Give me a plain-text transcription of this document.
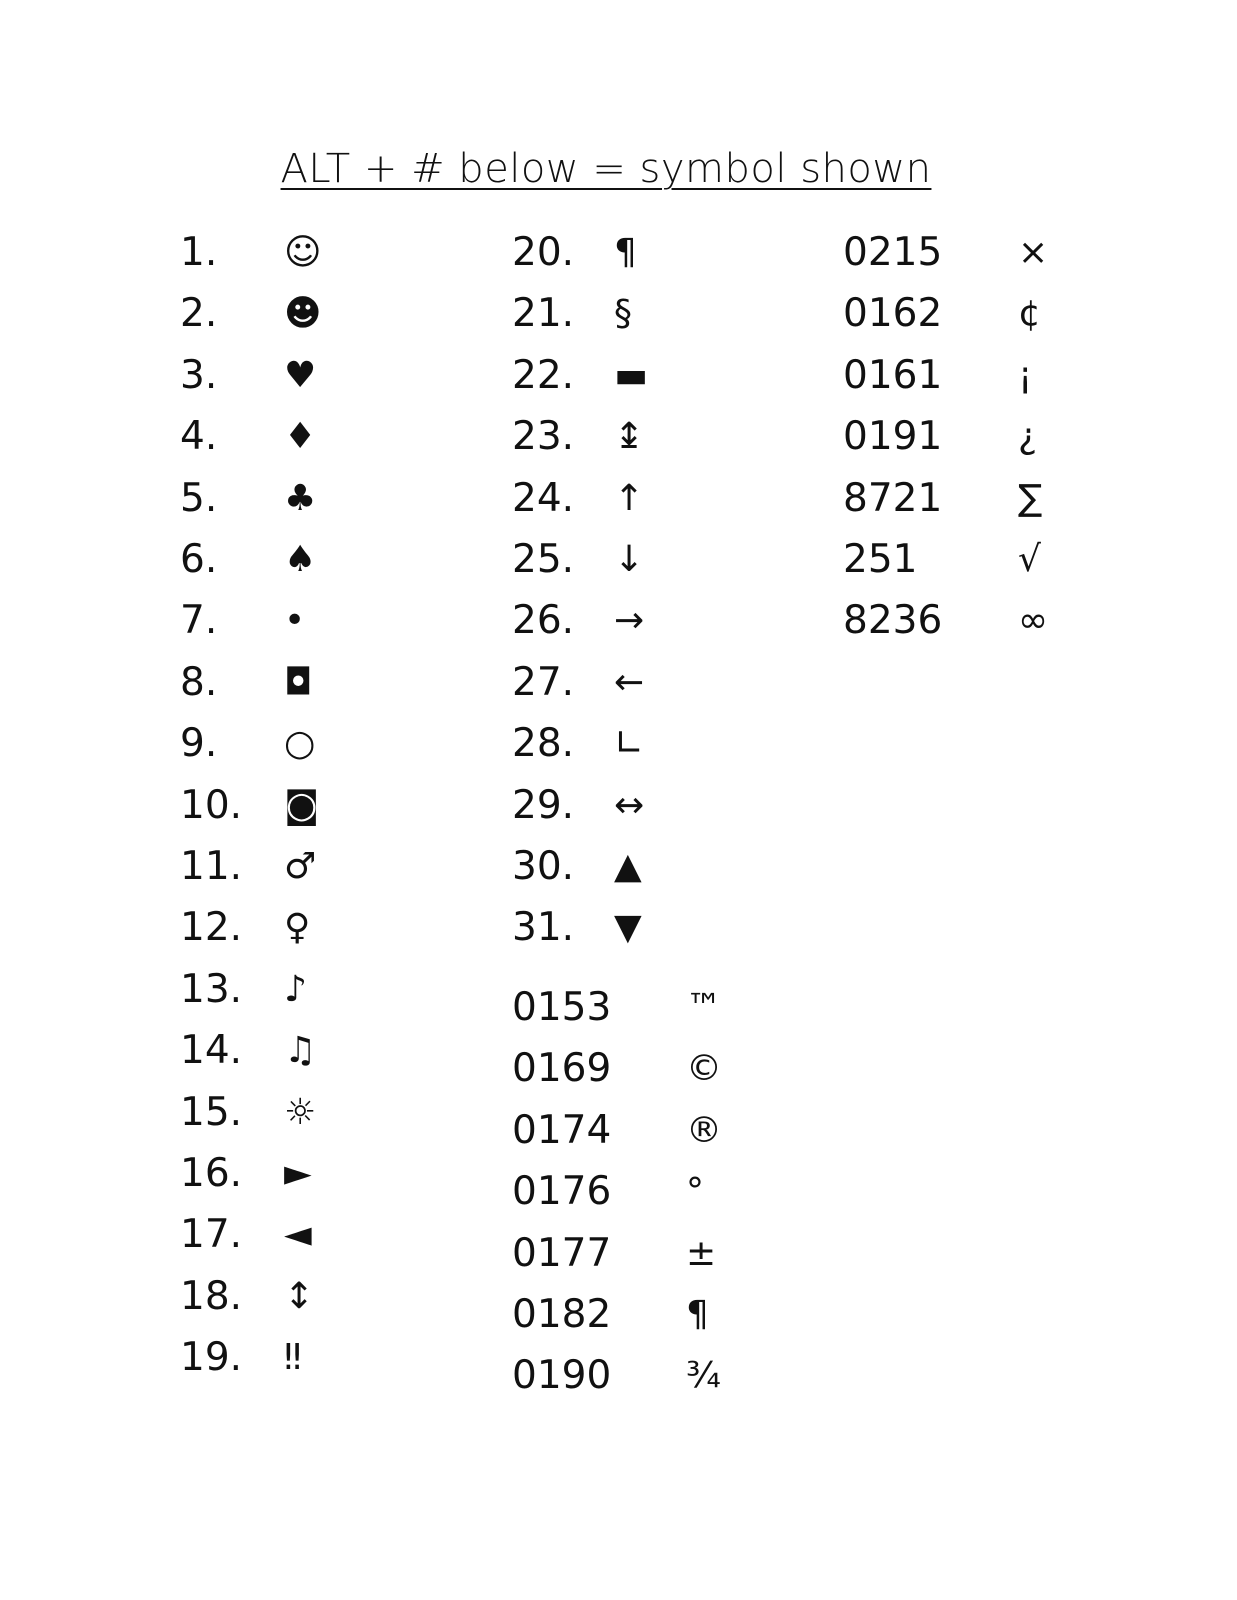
ALT + # below = symbol shown
1. ☺
2. ☻
3. ♥
4. ♦
5. ♣
6. ♠
7. •
8. ◘
9. ○
10. ◙
11. ♂
12. ♀
13. ♪
14. ♫
15. ☼
16. ►
17. ◄
18. ↕
19. ‼
20. ¶
21. §
22. ▬
23. ↨
24. ↑
25. ↓
26. →
27. ←
28. ∟
29. ↔
30. ▲
31. ▼
0153 ™
0169 ©
0174 ®
0176 °
0177 ±
0182 ¶
0190 ¾
0215 ×
0162 ¢
0161 ¡
0191 ¿
8721 ∑
251	√
8236 ∞
